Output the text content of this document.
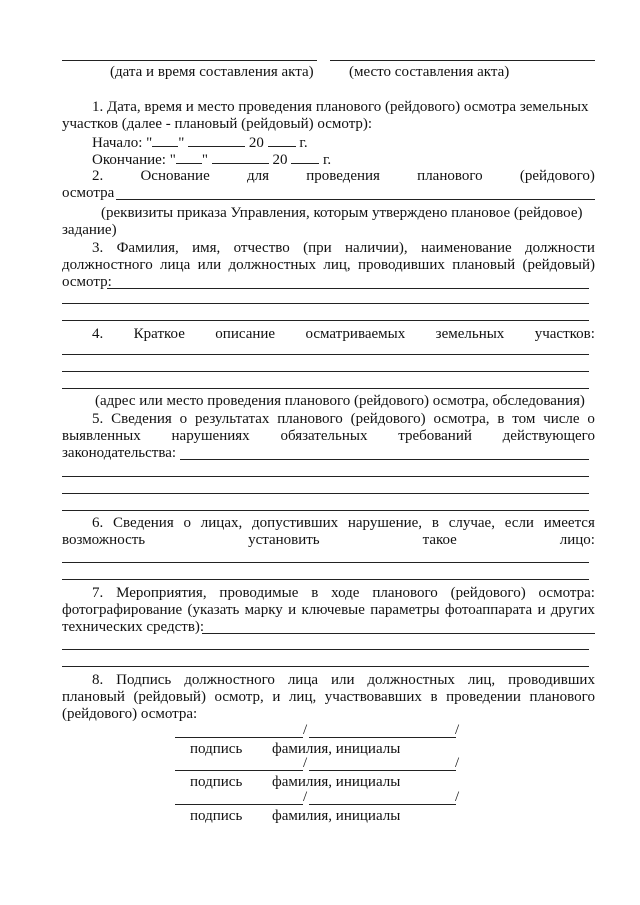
(дата и время составления акта) (место составления акта)
1. Дата, время и место проведения планового (рейдового) осмотра земельных
участков (далее - плановый (рейдовый) осмотр):
Начало: " "	20  г.
Окончание: " "	20  г.
2. Основание для проведения планового (рейдового)
осмотра
(реквизиты приказа Управления, которым утверждено плановое (рейдовое)
задание)
3. Фамилия, имя, отчество (при наличии), наименование должности
должностного лица или должностных лиц, проводивших плановый (рейдовый)
осмотр:
4. Краткое описание осматриваемых земельных участков:
(адрес или место проведения планового (рейдового) осмотра, обследования)
5. Сведения о результатах планового (рейдового) осмотра, в том числе о
выявленных нарушениях обязательных требований действующего
законодательства:
6. Сведения о лицах, допустивших нарушение, в случае, если имеется
возможность	установить	такое	лицо:
7. Мероприятия, проводимые в ходе планового (рейдового) осмотра:
фотографирование (указать марку и ключевые параметры фотоаппарата и других
технических средств):
8. Подпись должностного лица или должностных лиц, проводивших
плановый (рейдовый) осмотр, и лиц, участвовавших в проведении планового
(рейдового) осмотра:
/	/
подпись фамилия, инициалы
/	/
подпись фамилия, инициалы
/	/
подпись фамилия, инициалы
